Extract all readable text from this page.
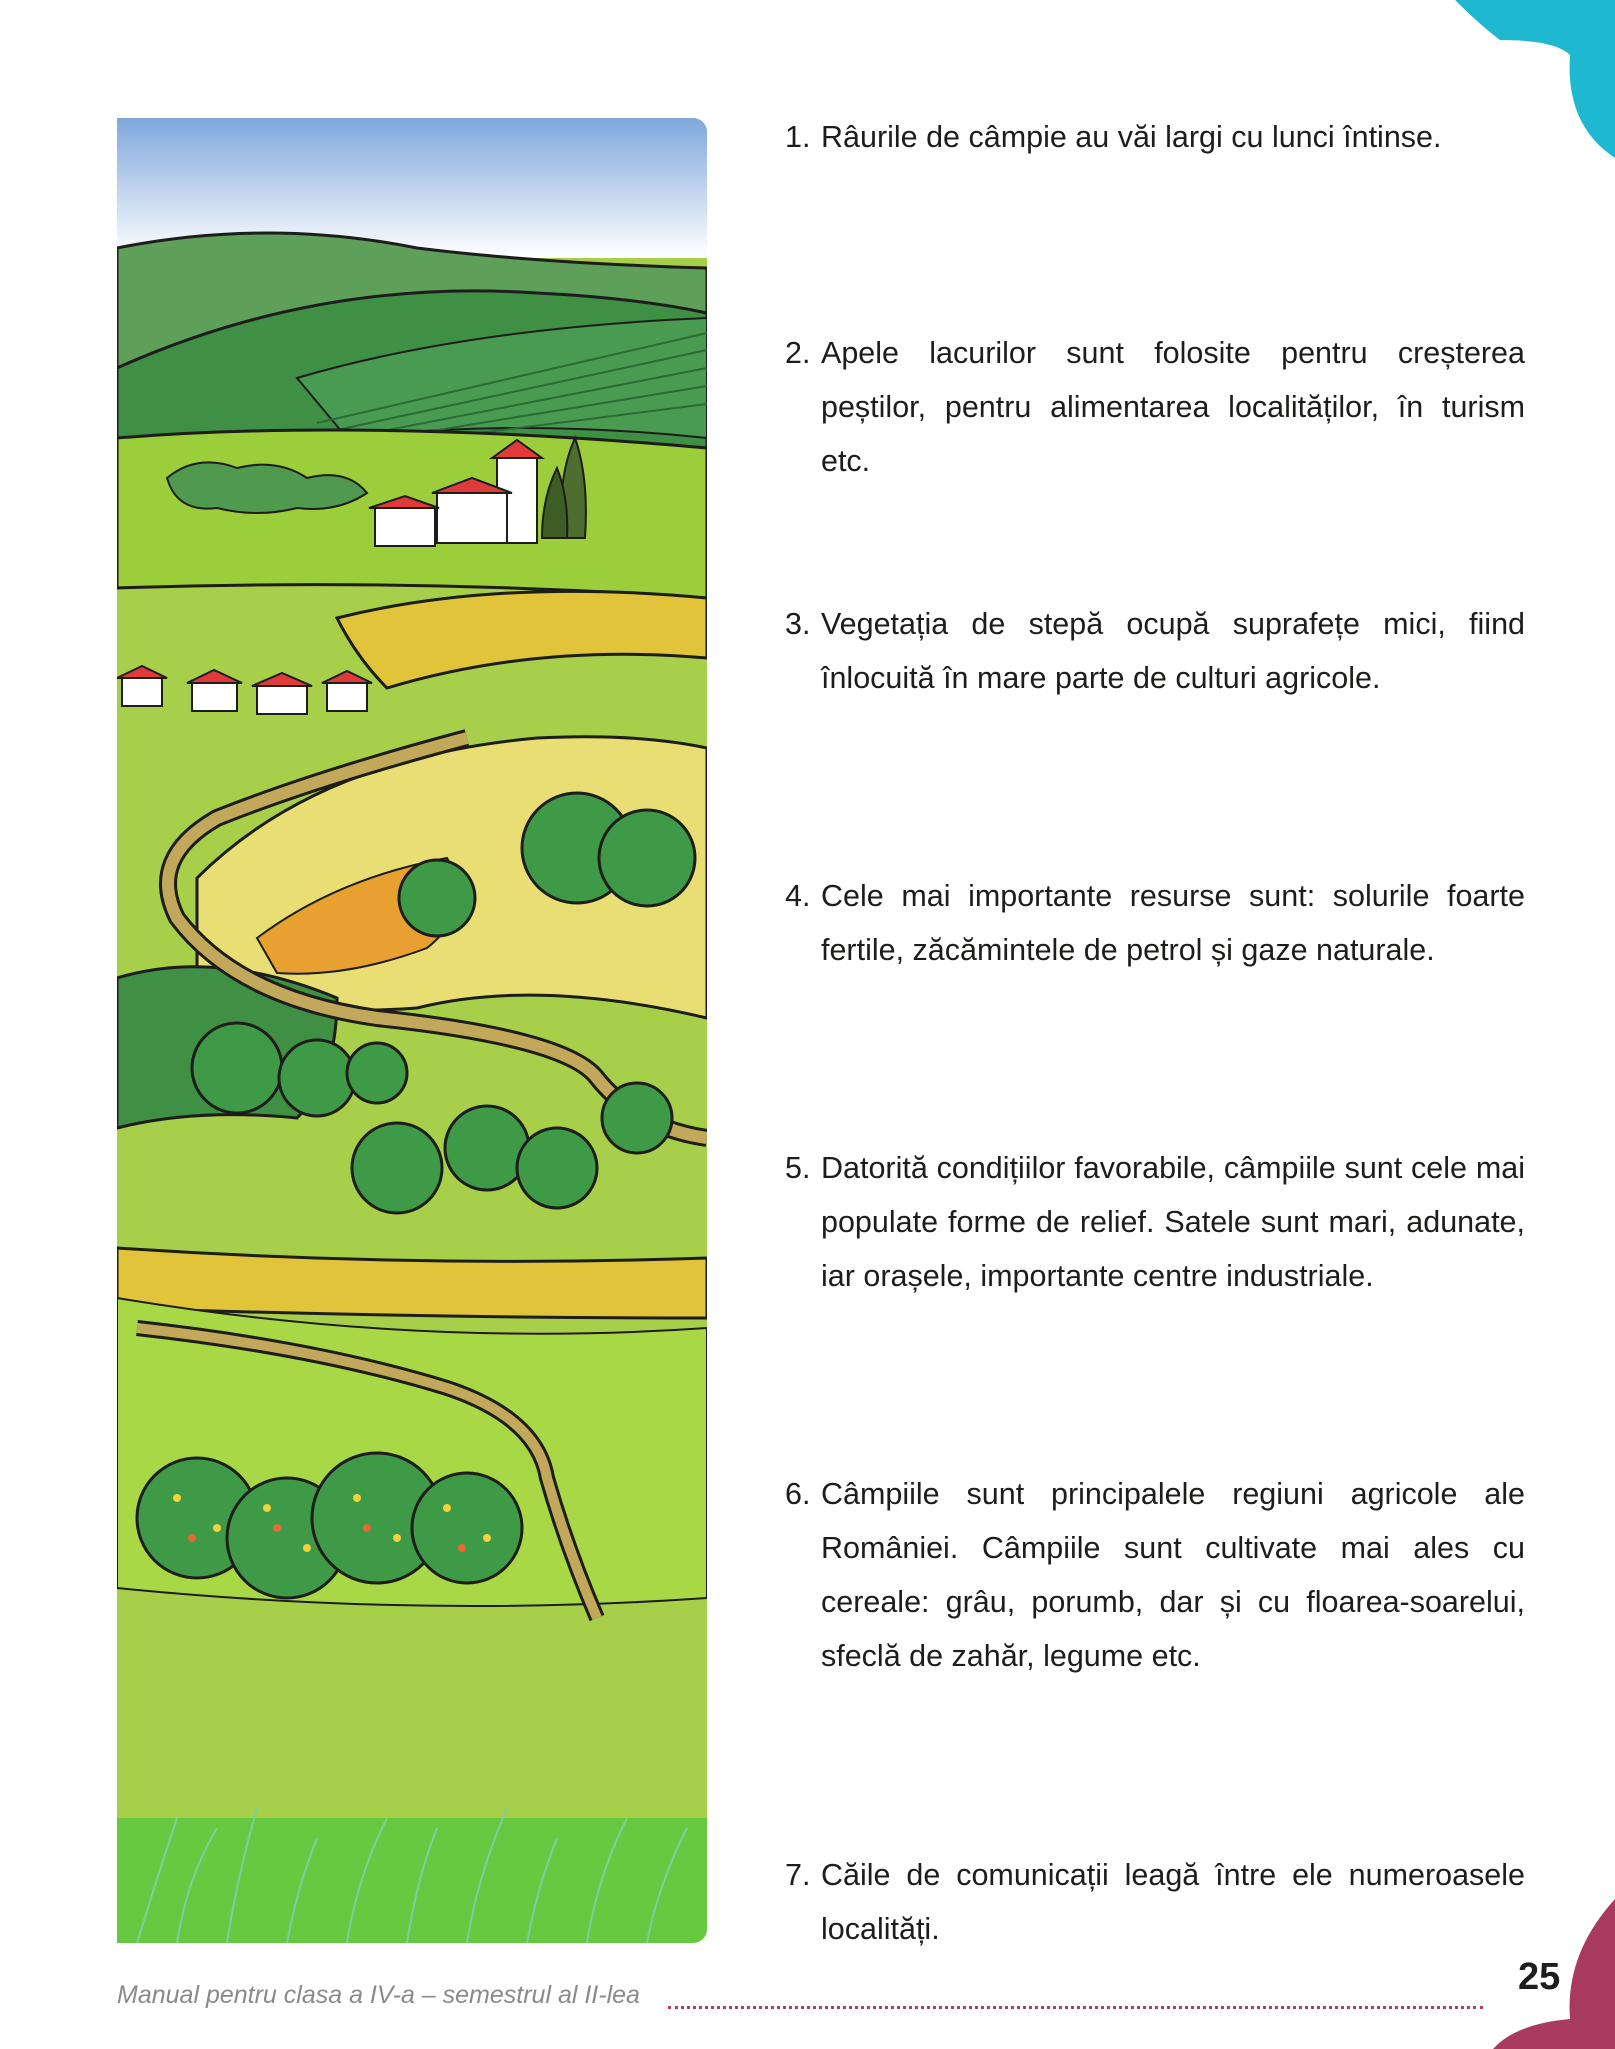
1. Râurile de câmpie au văi largi cu lunci întinse.
2. Apele lacurilor sunt folosite pentru creșterea peștilor, pentru alimentarea localităților, în turism etc.
3. Vegetația de stepă ocupă suprafețe mici, fiind înlocuită în mare parte de culturi agricole.
4. Cele mai importante resurse sunt: solurile foarte fertile, zăcămintele de petrol și gaze naturale.
5. Datorită condițiilor favorabile, câmpiile sunt cele mai populate forme de relief. Satele sunt mari, adunate, iar orașele, importante centre industriale.
6. Câmpiile sunt principalele regiuni agricole ale României. Câmpiile sunt cultivate mai ales cu cereale: grâu, porumb, dar și cu floarea-soarelui, sfeclă de zahăr, legume etc.
7. Căile de comunicații leagă între ele numeroasele localități.
Manual pentru clasa a IV-a – semestrul al II-lea	25
